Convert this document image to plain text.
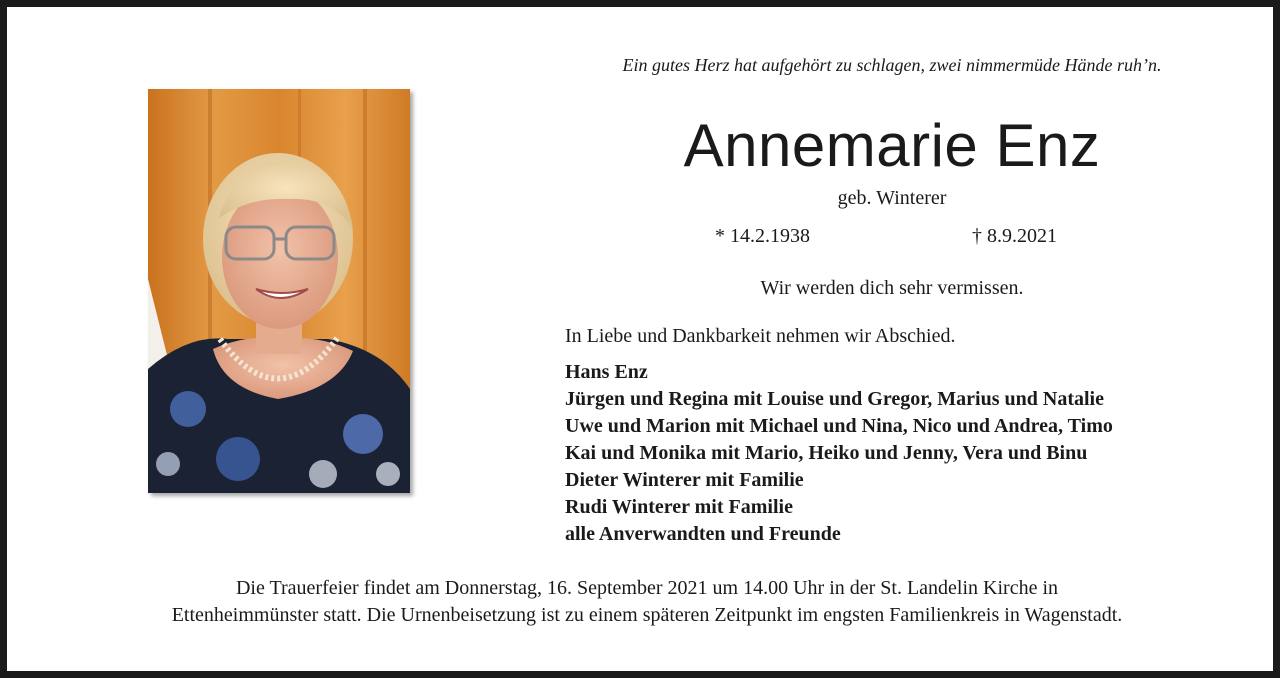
Ein gutes Herz hat aufgehört zu schlagen, zwei nimmermüde Hände ruh’n.
Annemarie Enz
geb. Winterer
* 14.2.1938	† 8.9.2021
Wir werden dich sehr vermissen.
In Liebe und Dankbarkeit nehmen wir Abschied.
Hans Enz
Jürgen und Regina mit Louise und Gregor, Marius und Natalie
Uwe und Marion mit Michael und Nina, Nico und Andrea, Timo
Kai und Monika mit Mario, Heiko und Jenny, Vera und Binu
Dieter Winterer mit Familie
Rudi Winterer mit Familie
alle Anverwandten und Freunde
Die Trauerfeier findet am Donnerstag, 16. September 2021 um 14.00 Uhr in der St. Landelin Kirche in
Ettenheimmünster statt. Die Urnenbeisetzung ist zu einem späteren Zeitpunkt im engsten Familienkreis in Wagenstadt.
